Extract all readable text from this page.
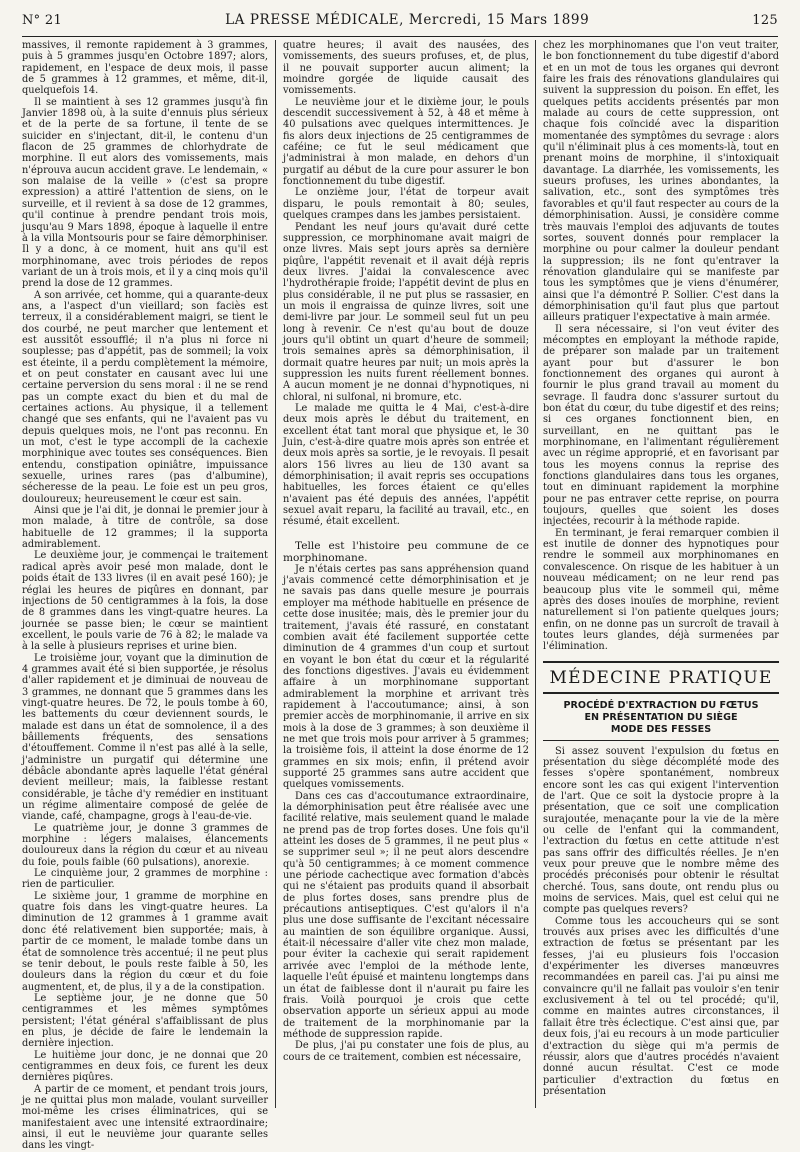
N° 21	LA PRESSE MÉDICALE, Mercredi, 15 Mars 1899	125

massives, il remonte rapidement à 3 grammes, puis à 5 grammes jusqu'en Octobre 1897; alors, rapidement, en l'espace de deux mois, il passe de 5 grammes à 12 grammes, et même, dit-il, quelquefois 14.

Il se maintient à ses 12 grammes jusqu'à fin Janvier 1898 où, à la suite d'ennuis plus sérieux et de la perte de sa fortune, il tente de se suicider en s'injectant, dit-il, le contenu d'un flacon de 25 grammes de chlorhydrate de morphine. Il eut alors des vomissements, mais n'éprouva aucun accident grave. Le lendemain, « son malaise de la veille » (c'est sa propre expression) a attiré l'attention de siens, on le surveille, et il revient à sa dose de 12 grammes, qu'il continue à prendre pendant trois mois, jusqu'au 9 Mars 1898, époque à laquelle il entre à la villa Montsouris pour se faire démorphiniser. Il y a donc, à ce moment, huit ans qu'il est morphinomane, avec trois périodes de repos variant de un à trois mois, et il y a cinq mois qu'il prend la dose de 12 grammes.

A son arrivée, cet homme, qui a quarante-deux ans, a l'aspect d'un vieillard; son faciès est terreux, il a considérablement maigri, se tient le dos courbé, ne peut marcher que lentement et est aussitôt essoufflé; il n'a plus ni force ni souplesse; pas d'appétit, pas de sommeil; la voix est éteinte, il a perdu complètement la mémoire, et on peut constater en causant avec lui une certaine perversion du sens moral : il ne se rend pas un compte exact du bien et du mal de certaines actions. Au physique, il a tellement changé que ses enfants, qui ne l'avaient pas vu depuis quelques mois, ne l'ont pas reconnu. En un mot, c'est le type accompli de la cachexie morphinique avec toutes ses conséquences. Bien entendu, constipation opiniâtre, impuissance sexuelle, urines rares (pas d'albumine), sécheresse de la peau. Le foie est un peu gros, douloureux; heureusement le cœur est sain.

Ainsi que je l'ai dit, je donnai le premier jour à mon malade, à titre de contrôle, sa dose habituelle de 12 grammes; il la supporta admirablement.

Le deuxième jour, je commençai le traitement radical après avoir pesé mon malade, dont le poids était de 133 livres (il en avait pesé 160); je réglai les heures de piqûres en donnant, par injections de 50 centigrammes à la fois, la dose de 8 grammes dans les vingt-quatre heures. La journée se passe bien; le cœur se maintient excellent, le pouls varie de 76 à 82; le malade va à la selle à plusieurs reprises et urine bien.

Le troisième jour, voyant que la diminution de 4 grammes avait été si bien supportée, je résolus d'aller rapidement et je diminuai de nouveau de 3 grammes, ne donnant que 5 grammes dans les vingt-quatre heures. De 72, le pouls tombe à 60, les battements du cœur deviennent sourds, le malade est dans un état de somnolence, il a des bâillements fréquents, des sensations d'étouffement. Comme il n'est pas allé à la selle, j'administre un purgatif qui détermine une débâcle abondante après laquelle l'état général devient meilleur; mais, la faiblesse restant considérable, je tâche d'y remédier en instituant un régime alimentaire composé de gelée de viande, café, champagne, grogs à l'eau-de-vie.

Le quatrième jour, je donne 3 grammes de morphine : légers malaises, élancements douloureux dans la région du cœur et au niveau du foie, pouls faible (60 pulsations), anorexie.

Le cinquième jour, 2 grammes de morphine : rien de particulier.

Le sixième jour, 1 gramme de morphine en quatre fois dans les vingt-quatre heures. La diminution de 12 grammes à 1 gramme avait donc été relativement bien supportée; mais, à partir de ce moment, le malade tombe dans un état de somnolence très accentué; il ne peut plus se tenir debout, le pouls reste faible à 50, les douleurs dans la région du cœur et du foie augmentent, et, de plus, il y a de la constipation.

Le septième jour, je ne donne que 50 centigrammes et les mêmes symptômes persistent; l'état général s'affaiblissant de plus en plus, je décide de faire le lendemain la dernière injection.

Le huitième jour donc, je ne donnai que 20 centigrammes en deux fois, ce furent les deux dernières piqûres.

A partir de ce moment, et pendant trois jours, je ne quittai plus mon malade, voulant surveiller moi-même les crises éliminatrices, qui se manifestaient avec une intensité extraordinaire; ainsi, il eut le neuvième jour quarante selles dans les vingt-

quatre heures; il avait des nausées, des vomissements, des sueurs profuses, et, de plus, il ne pouvait supporter aucun aliment; la moindre gorgée de liquide causait des vomissements.

Le neuvième jour et le dixième jour, le pouls descendit successivement à 52, à 48 et même à 40 pulsations avec quelques intermittences. Je fis alors deux injections de 25 centigrammes de caféine; ce fut le seul médicament que j'administrai à mon malade, en dehors d'un purgatif au début de la cure pour assurer le bon fonctionnement du tube digestif.

Le onzième jour, l'état de torpeur avait disparu, le pouls remontait à 80; seules, quelques crampes dans les jambes persistaient.

Pendant les neuf jours qu'avait duré cette suppression, ce morphinomane avait maigri de onze livres. Mais sept jours après sa dernière piqûre, l'appétit revenait et il avait déjà repris deux livres. J'aidai la convalescence avec l'hydrothérapie froide; l'appétit devint de plus en plus considérable, il ne put plus se rassasier, en un mois il engraissa de quinze livres, soit une demi-livre par jour. Le sommeil seul fut un peu long à revenir. Ce n'est qu'au bout de douze jours qu'il obtint un quart d'heure de sommeil; trois semaines après sa démorphinisation, il dormait quatre heures par nuit; un mois après la suppression les nuits furent réellement bonnes. A aucun moment je ne donnai d'hypnotiques, ni chloral, ni sulfonal, ni bromure, etc.

Le malade me quitta le 4 Mai, c'est-à-dire deux mois après le début du traitement, en excellent état tant moral que physique et, le 30 Juin, c'est-à-dire quatre mois après son entrée et deux mois après sa sortie, je le revoyais. Il pesait alors 156 livres au lieu de 130 avant sa démorphinisation; il avait repris ses occupations habituelles, les forces étaient ce qu'elles n'avaient pas été depuis des années, l'appétit sexuel avait reparu, la facilité au travail, etc., en résumé, était excellent.

Telle est l'histoire peu commune de ce morphinomane.

Je n'étais certes pas sans appréhension quand j'avais commencé cette démorphinisation et je ne savais pas dans quelle mesure je pourrais employer ma méthode habituelle en présence de cette dose inusitée; mais, dès le premier jour du traitement, j'avais été rassuré, en constatant combien avait été facilement supportée cette diminution de 4 grammes d'un coup et surtout en voyant le bon état du cœur et la régularité des fonctions digestives. J'avais eu évidemment affaire à un morphinomane supportant admirablement la morphine et arrivant très rapidement à l'accoutumance; ainsi, à son premier accès de morphinomanie, il arrive en six mois à la dose de 3 grammes; à son deuxième il ne met que trois mois pour arriver à 5 grammes; la troisième fois, il atteint la dose énorme de 12 grammes en six mois; enfin, il prétend avoir supporté 25 grammes sans autre accident que quelques vomissements.

Dans ces cas d'accoutumance extraordinaire, la démorphinisation peut être réalisée avec une facilité relative, mais seulement quand le malade ne prend pas de trop fortes doses. Une fois qu'il atteint les doses de 5 grammes, il ne peut plus « se supprimer seul »; il ne peut alors descendre qu'à 50 centigrammes; à ce moment commence une période cachectique avec formation d'abcès qui ne s'étaient pas produits quand il absorbait de plus fortes doses, sans prendre plus de précautions antiseptiques. C'est qu'alors il n'a plus une dose suffisante de l'excitant nécessaire au maintien de son équilibre organique. Aussi, était-il nécessaire d'aller vite chez mon malade, pour éviter la cachexie qui serait rapidement arrivée avec l'emploi de la méthode lente, laquelle l'eût épuisé et maintenu longtemps dans un état de faiblesse dont il n'aurait pu faire les frais. Voilà pourquoi je crois que cette observation apporte un sérieux appui au mode de traitement de la morphinomanie par la méthode de suppression rapide.

De plus, j'ai pu constater une fois de plus, au cours de ce traitement, combien est nécessaire,

chez les morphinomanes que l'on veut traiter, le bon fonctionnement du tube digestif d'abord et en un mot de tous les organes qui devront faire les frais des rénovations glandulaires qui suivent la suppression du poison. En effet, les quelques petits accidents présentés par mon malade au cours de cette suppression, ont chaque fois coïncidé avec la disparition momentanée des symptômes du sevrage : alors qu'il n'éliminait plus à ces moments-là, tout en prenant moins de morphine, il s'intoxiquait davantage. La diarrhée, les vomissements, les sueurs profuses, les urines abondantes, la salivation, etc., sont des symptômes très favorables et qu'il faut respecter au cours de la démorphinisation. Aussi, je considère comme très mauvais l'emploi des adjuvants de toutes sortes, souvent donnés pour remplacer la morphine ou pour calmer la douleur pendant la suppression; ils ne font qu'entraver la rénovation glandulaire qui se manifeste par tous les symptômes que je viens d'énumérer, ainsi que l'a démontré P. Sollier. C'est dans la démorphinisation qu'il faut plus que partout ailleurs pratiquer l'expectative à main armée.

Il sera nécessaire, si l'on veut éviter des mécomptes en employant la méthode rapide, de préparer son malade par un traitement ayant pour but d'assurer le bon fonctionnement des organes qui auront à fournir le plus grand travail au moment du sevrage. Il faudra donc s'assurer surtout du bon état du cœur, du tube digestif et des reins; si ces organes fonctionnent bien, en surveillant, en ne quittant pas le morphinomane, en l'alimentant régulièrement avec un régime approprié, et en favorisant par tous les moyens connus la reprise des fonctions glandulaires dans tous les organes, tout en diminuant rapidement la morphine pour ne pas entraver cette reprise, on pourra toujours, quelles que soient les doses injectées, recourir à la méthode rapide.

En terminant, je ferai remarquer combien il est inutile de donner des hypnotiques pour rendre le sommeil aux morphinomanes en convalescence. On risque de les habituer à un nouveau médicament; on ne leur rend pas beaucoup plus vite le sommeil qui, même après des doses inouïes de morphine, revient naturellement si l'on patiente quelques jours; enfin, on ne donne pas un surcroît de travail à toutes leurs glandes, déjà surmenées par l'élimination.

MÉDECINE PRATIQUE
PROCÉDÉ D'EXTRACTION DU FŒTUS
EN PRÉSENTATION DU SIÈGE
MODE DES FESSES

Si assez souvent l'expulsion du fœtus en présentation du siège décomplété mode des fesses s'opère spontanément, nombreux encore sont les cas qui exigent l'intervention de l'art. Que ce soit la dystocie propre à la présentation, que ce soit une complication surajoutée, menaçante pour la vie de la mère ou celle de l'enfant qui la commandent, l'extraction du fœtus en cette attitude n'est pas sans offrir des difficultés réelles. Je n'en veux pour preuve que le nombre même des procédés préconisés pour obtenir le résultat cherché. Tous, sans doute, ont rendu plus ou moins de services. Mais, quel est celui qui ne compte pas quelques revers?

Comme tous les accoucheurs qui se sont trouvés aux prises avec les difficultés d'une extraction de fœtus se présentant par les fesses, j'ai eu plusieurs fois l'occasion d'expérimenter les diverses manœuvres recommandées en pareil cas. J'ai pu ainsi me convaincre qu'il ne fallait pas vouloir s'en tenir exclusivement à tel ou tel procédé; qu'il, comme en maintes autres circonstances, il fallait être très éclectique. C'est ainsi que, par deux fois, j'ai eu recours à un mode particulier d'extraction du siège qui m'a permis de réussir, alors que d'autres procédés n'avaient donné aucun résultat. C'est ce mode particulier d'extraction du fœtus en présentation
